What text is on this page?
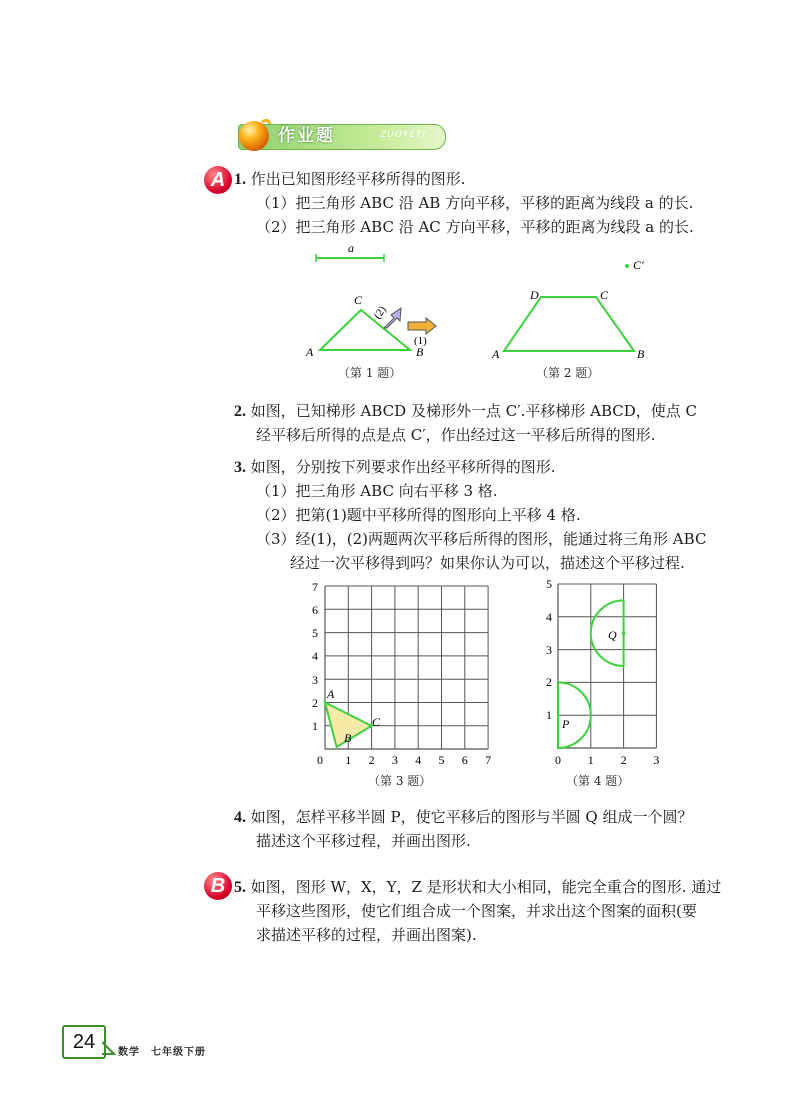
作业题	ZUOYETI
A 1. 作出已知图形经平移所得的图形.
（1）把三角形 ABC 沿 AB 方向平移，平移的距离为线段 a 的长.
（2）把三角形 ABC 沿 AC 方向平移，平移的距离为线段 a 的长.
a
A	B
C
(2)
(1)
（第 1 题）
C′
A	B
C
D
（第 2 题）
2. 如图，已知梯形 ABCD 及梯形外一点 C′.平移梯形 ABCD，使点 C
经平移后所得的点是点 C′，作出经过这一平移后所得的图形.
3. 如图，分别按下列要求作出经平移所得的图形.
（1）把三角形 ABC 向右平移 3 格.
（2）把第(1)题中平移所得的图形向上平移 4 格.
（3）经(1)，(2)两题两次平移后所得的图形，能通过将三角形 ABC
经过一次平移得到吗？如果你认为可以，描述这个平移过程.
A
B
C
0 1 2 3 4 5 6 7
1
2
3
4
5
6
7
（第 3 题）
P
Q
0 1 2 3
1
2
3
4
5
（第 4 题）
4. 如图，怎样平移半圆 P，使它平移后的图形与半圆 Q 组成一个圆？
描述这个平移过程，并画出图形.
B 5. 如图，图形 W，X，Y，Z 是形状和大小相同，能完全重合的图形. 通过
平移这些图形，使它们组合成一个图案，并求出这个图案的面积(要
求描述平移的过程，并画出图案).
24	数学　七年级下册
